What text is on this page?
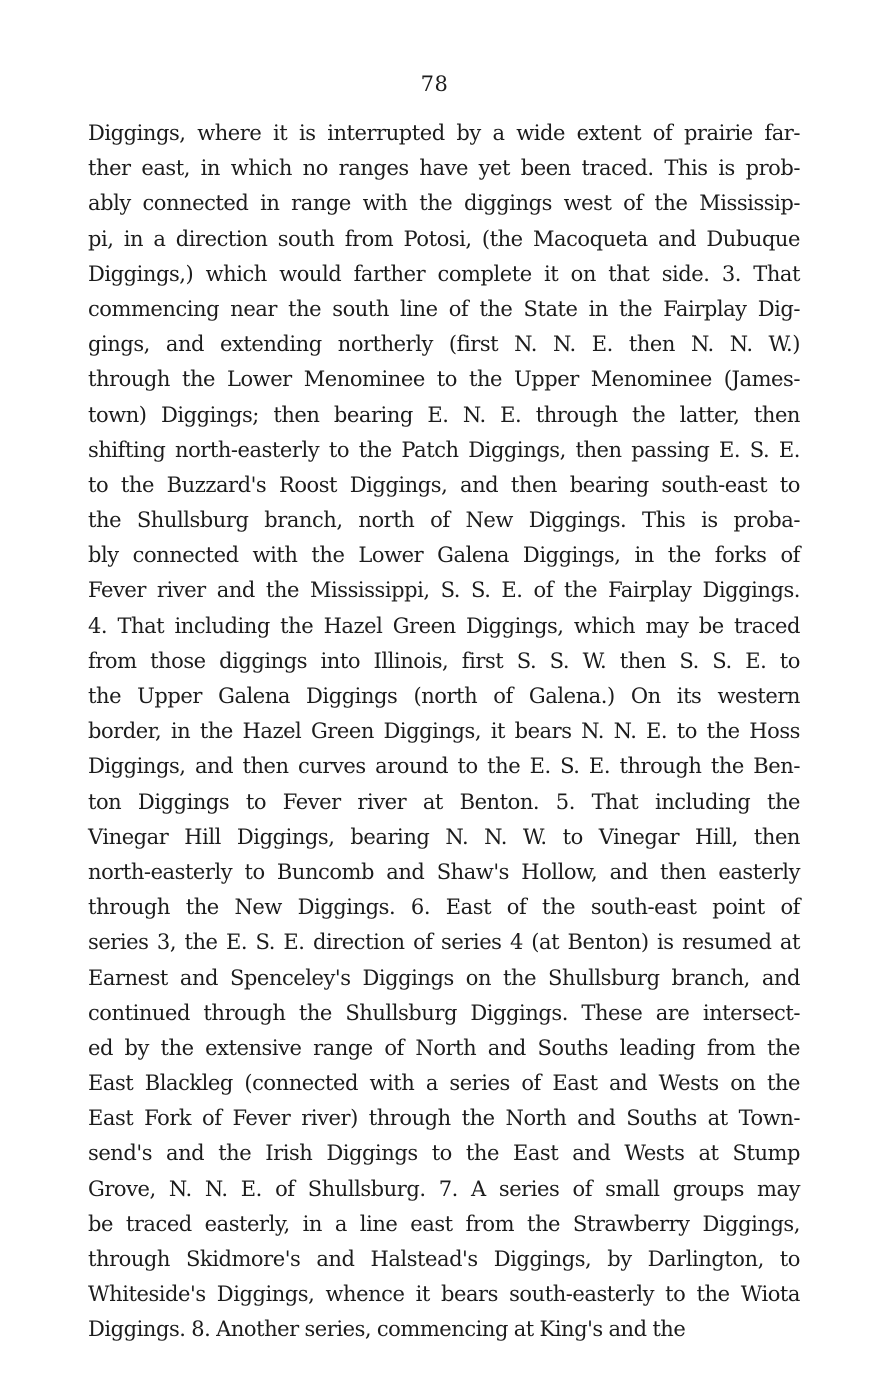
78
Diggings, where it is interrupted by a wide extent of prairie far-
ther east, in which no ranges have yet been traced. This is prob-
ably connected in range with the diggings west of the Mississip-
pi, in a direction south from Potosi, (the Macoqueta and Dubuque
Diggings,) which would farther complete it on that side. 3. That
commencing near the south line of the State in the Fairplay Dig-
gings, and extending northerly (first N. N. E. then N. N. W.)
through the Lower Menominee to the Upper Menominee (James-
town) Diggings; then bearing E. N. E. through the latter, then
shifting north-easterly to the Patch Diggings, then passing E. S. E.
to the Buzzard's Roost Diggings, and then bearing south-east to
the Shullsburg branch, north of New Diggings. This is proba-
bly connected with the Lower Galena Diggings, in the forks of
Fever river and the Mississippi, S. S. E. of the Fairplay Diggings.
4. That including the Hazel Green Diggings, which may be traced
from those diggings into Illinois, first S. S. W. then S. S. E. to
the Upper Galena Diggings (north of Galena.) On its western
border, in the Hazel Green Diggings, it bears N. N. E. to the Hoss
Diggings, and then curves around to the E. S. E. through the Ben-
ton Diggings to Fever river at Benton. 5. That including the
Vinegar Hill Diggings, bearing N. N. W. to Vinegar Hill, then
north-easterly to Buncomb and Shaw's Hollow, and then easterly
through the New Diggings. 6. East of the south-east point of
series 3, the E. S. E. direction of series 4 (at Benton) is resumed at
Earnest and Spenceley's Diggings on the Shullsburg branch, and
continued through the Shullsburg Diggings. These are intersect-
ed by the extensive range of North and Souths leading from the
East Blackleg (connected with a series of East and Wests on the
East Fork of Fever river) through the North and Souths at Town-
send's and the Irish Diggings to the East and Wests at Stump
Grove, N. N. E. of Shullsburg. 7. A series of small groups may
be traced easterly, in a line east from the Strawberry Diggings,
through Skidmore's and Halstead's Diggings, by Darlington, to
Whiteside's Diggings, whence it bears south-easterly to the Wiota
Diggings. 8. Another series, commencing at King's and the
